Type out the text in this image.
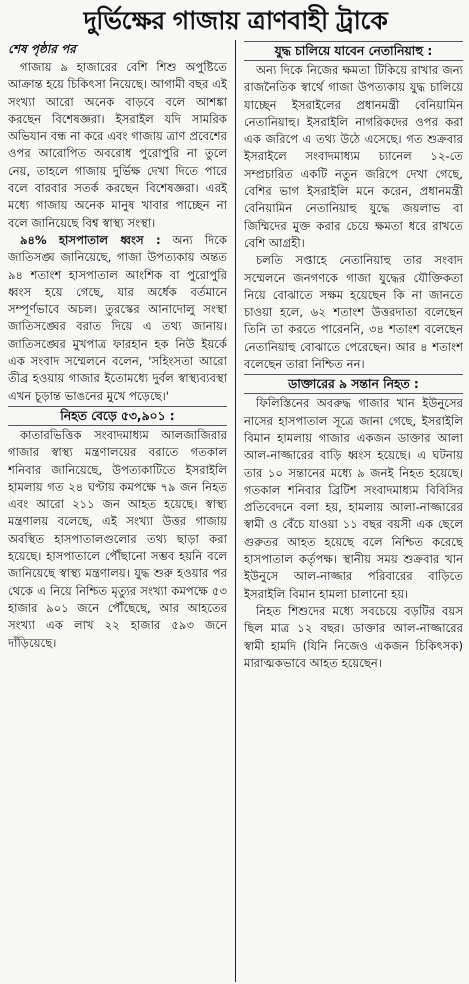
দুর্ভিক্ষের গাজায় ত্রাণবাহী ট্রাকে
শেষ পৃষ্ঠার পর

গাজায় ৯ হাজারের বেশি শিশু অপুষ্টিতে আক্রান্ত হয়ে চিকিৎসা নিয়েছে। আগামী বছর এই সংখ্যা আরো অনেক বাড়বে বলে আশঙ্কা করছেন বিশেষজ্ঞরা। ইসরাইল যদি সামরিক অভিযান বন্ধ না করে এবং গাজায় ত্রাণ প্রবেশের ওপর আরোপিত অবরোধ পুরোপুরি না তুলে নেয়, তাহলে গাজায় দুর্ভিক্ষ দেখা দিতে পারে বলে বারবার সতর্ক করছেন বিশেষজ্ঞরা। এরই মধ্যে গাজায় অনেক মানুষ খাবার পাচ্ছেন না বলে জানিয়েছে বিশ্ব স্বাস্থ্য সংস্থা।

৯৪% হাসপাতাল ধ্বংস : অন্য দিকে জাতিসঙ্ঘ জানিয়েছে, গাজা উপত্যকায় অন্তত ৯৪ শতাংশ হাসপাতাল আংশিক বা পুরোপুরি ধ্বংস হয়ে গেছে, যার অর্ধেক বর্তমানে সম্পূর্ণভাবে অচল। তুরস্কের আনাদোলু সংস্থা জাতিসঙ্ঘের বরাত দিয়ে এ তথ্য জানায়। জাতিসঙ্ঘের মুখপাত্র ফারহান হক নিউ ইয়র্কে এক সংবাদ সম্মেলনে বলেন, 'সহিংসতা আরো তীব্র হওয়ায় গাজার ইতোমধ্যে দুর্বল স্বাস্থ্যব্যবস্থা এখন চূড়ান্ত ভাঙনের মুখে পড়েছে।'

নিহত বেড়ে ৫৩,৯০১ :

কাতারভিত্তিক সংবাদমাধ্যম আলজাজিরার গাজার স্বাস্থ্য মন্ত্রণালয়ের বরাতে গতকাল শনিবার জানিয়েছে, উপত্যকাটিতে ইসরাইলি হামলায় গত ২৪ ঘণ্টায় কমপক্ষে ৭৯ জন নিহত এবং আরো ২১১ জন আহত হয়েছে। স্বাস্থ্য মন্ত্রণালয় বলেছে, এই সংখ্যা উত্তর গাজায় অবস্থিত হাসপাতালগুলোর তথ্য ছাড়া করা হয়েছে। হাসপাতালে পৌঁছানো সম্ভব হয়নি বলে জানিয়েছে স্বাস্থ্য মন্ত্রণালয়। যুদ্ধ শুরু হওয়ার পর থেকে এ নিয়ে নিশ্চিত মৃত্যুর সংখ্যা কমপক্ষে ৫৩ হাজার ৯০১ জনে পৌঁছেছে, আর আহতের সংখ্যা এক লাখ ২২ হাজার ৫৯৩ জনে দাঁড়িয়েছে।

যুদ্ধ চালিয়ে যাবেন নেতানিয়াহু :

অন্য দিকে নিজের ক্ষমতা টিকিয়ে রাখার জন্য রাজনৈতিক স্বার্থে গাজা উপত্যকায় যুদ্ধ চালিয়ে যাচ্ছেন ইসরাইলের প্রধানমন্ত্রী বেনিয়ামিন নেতানিয়াহু। ইসরাইলি নাগরিকদের ওপর করা এক জরিপে এ তথ্য উঠে এসেছে। গত শুক্রবার ইসরাইলে সংবাদমাধ্যম চ্যানেল ১২-তে সম্প্রচারিত একটি নতুন জরিপে দেখা গেছে, বেশির ভাগ ইসরাইলি মনে করেন, প্রধানমন্ত্রী বেনিয়ামিন নেতানিয়াহু যুদ্ধে জয়লাভ বা জিম্মিদের মুক্ত করার চেয়ে ক্ষমতা ধরে রাখতে বেশি আগ্রহী।

চলতি সপ্তাহে নেতানিয়াহু তার সংবাদ সম্মেলনে জনগণকে গাজা যুদ্ধের যৌক্তিকতা নিয়ে বোঝাতে সক্ষম হয়েছেন কি না জানতে চাওয়া হলে, ৬২ শতাংশ উত্তরদাতা বলেছেন তিনি তা করতে পারেননি, ৩৪ শতাংশ বলেছেন নেতানিয়াহু বোঝাতে পেরেছেন। আর ৪ শতাংশ বলেছেন তারা নিশ্চিত নন।

ডাক্তারের ৯ সন্তান নিহত :

ফিলিস্তিনের অবরুদ্ধ গাজার খান ইউনুসের নাসের হাসপাতাল সূত্রে জানা গেছে, ইসরাইলি বিমান হামলায় গাজার একজন ডাক্তার আলা আল-নাজ্জারের বাড়ি ধ্বংস হয়েছে। এ ঘটনায় তার ১০ সন্তানের মধ্যে ৯ জনই নিহত হয়েছে। গতকাল শনিবার ব্রিটিশ সংবাদমাধ্যম বিবিসির প্রতিবেদনে বলা হয়, হামলায় আলা-নাজ্জারের স্বামী ও বেঁচে যাওয়া ১১ বছর বয়সী এক ছেলে গুরুতর আহত হয়েছে বলে নিশ্চিত করেছে হাসপাতাল কর্তৃপক্ষ। স্থানীয় সময় শুক্রবার খান ইউনুসে আল-নাজ্জার পরিবারের বাড়িতে ইসরাইলি বিমান হামলা চালানো হয়।

নিহত শিশুদের মধ্যে সবচেয়ে বড়টির বয়স ছিল মাত্র ১২ বছর। ডাক্তার আল-নাজ্জারের স্বামী হামদি (যিনি নিজেও একজন চিকিৎসক) মারাত্মকভাবে আহত হয়েছেন।
